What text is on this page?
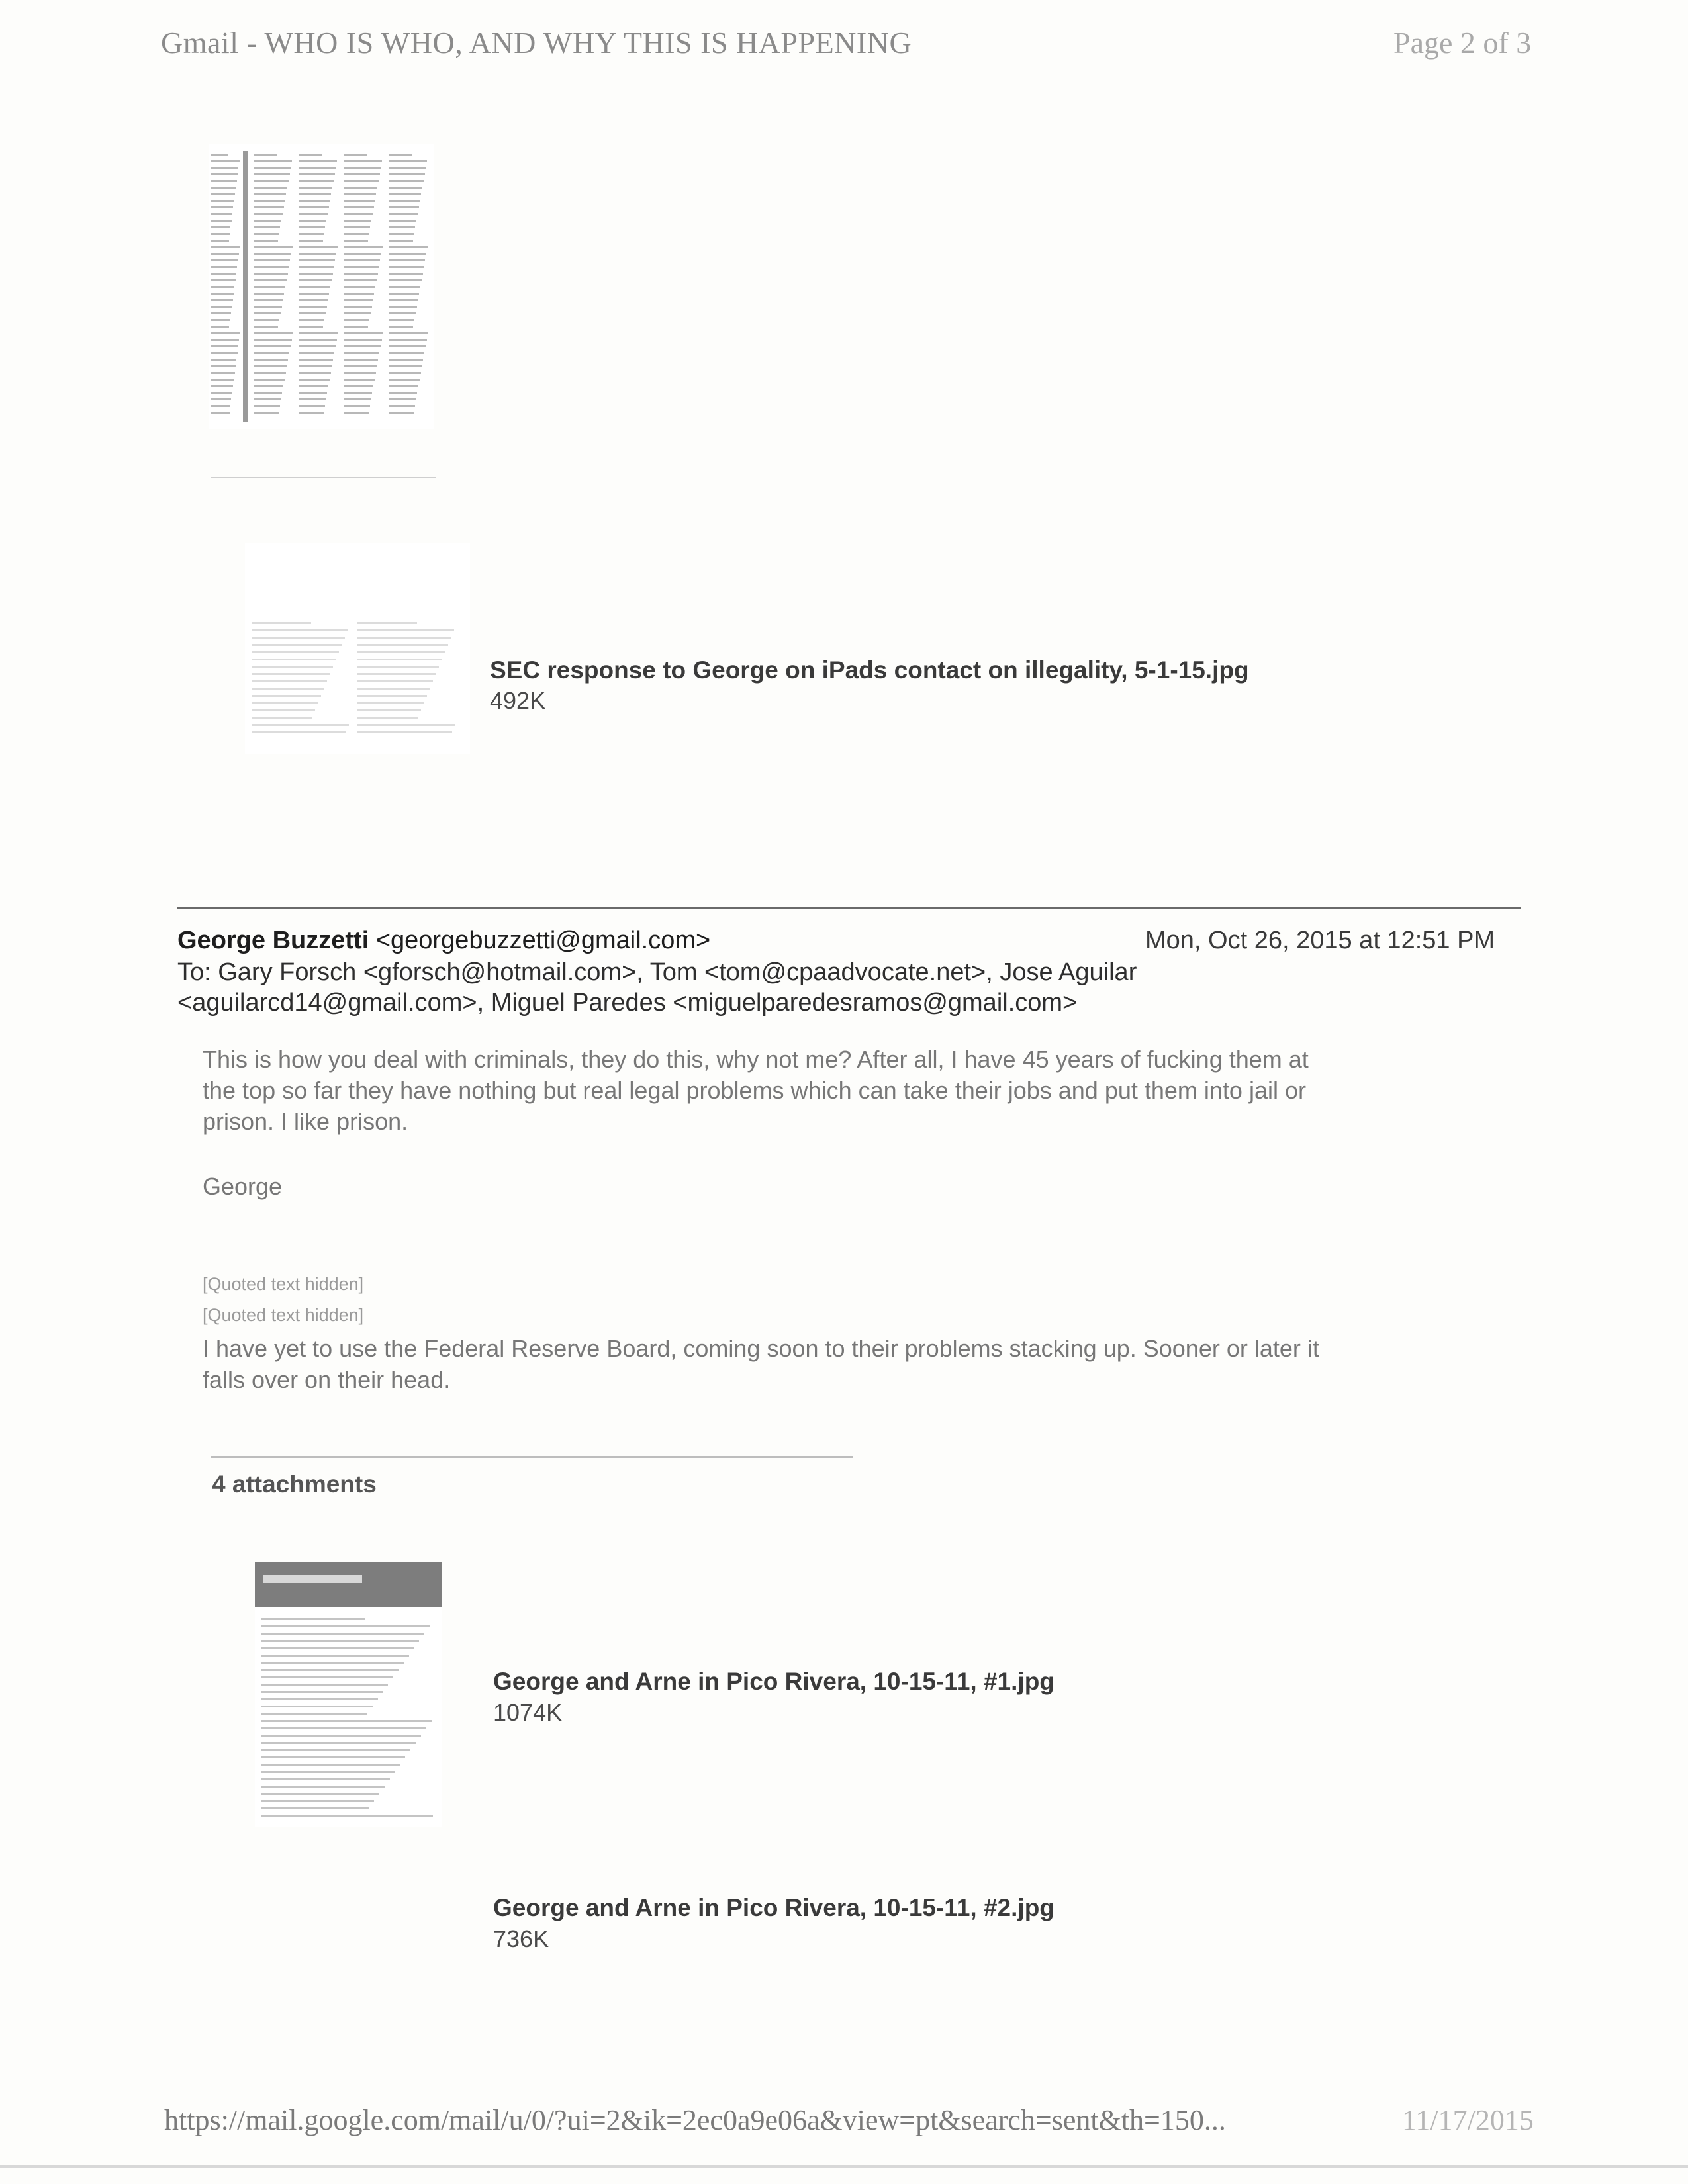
Gmail - WHO IS WHO, AND WHY THIS IS HAPPENING	Page 2 of 3
SEC response to George on iPads contact on illegality, 5-1-15.jpg
492K
George Buzzetti <georgebuzzetti@gmail.com>	Mon, Oct 26, 2015 at 12:51 PM
To: Gary Forsch <gforsch@hotmail.com>, Tom <tom@cpaadvocate.net>, Jose Aguilar
<aguilarcd14@gmail.com>, Miguel Paredes <miguelparedesramos@gmail.com>
This is how you deal with criminals, they do this, why not me? After all, I have 45 years of fucking them at
the top so far they have nothing but real legal problems which can take their jobs and put them into jail or
prison. I like prison.
George
[Quoted text hidden]
[Quoted text hidden]
I have yet to use the Federal Reserve Board, coming soon to their problems stacking up. Sooner or later it
falls over on their head.
4 attachments
George and Arne in Pico Rivera, 10-15-11, #1.jpg
1074K
George and Arne in Pico Rivera, 10-15-11, #2.jpg
736K
https://mail.google.com/mail/u/0/?ui=2&ik=2ec0a9e06a&view=pt&search=sent&th=150...	11/17/2015
